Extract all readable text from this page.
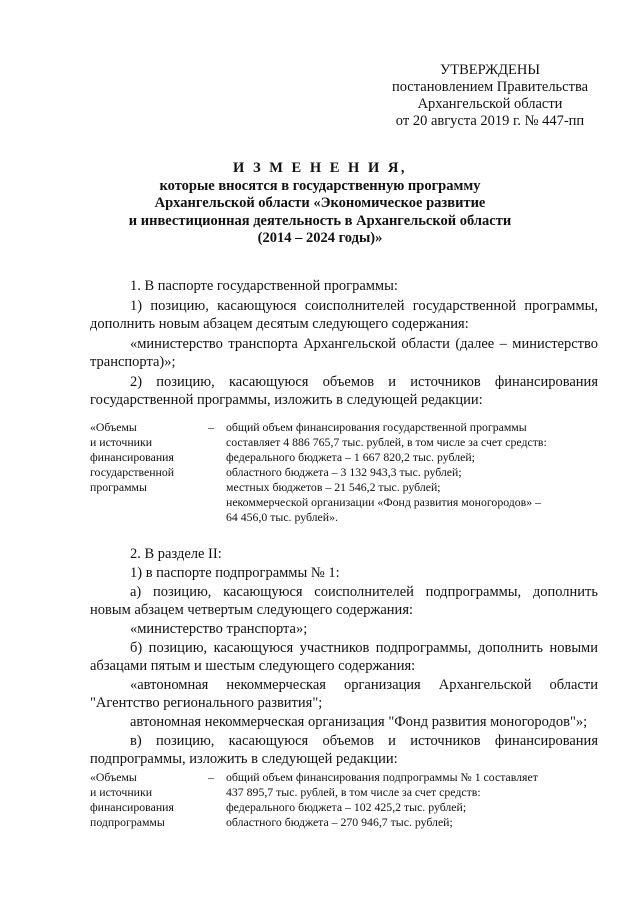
УТВЕРЖДЕНЫ
постановлением Правительства
Архангельской области
от 20 августа 2019 г. № 447-пп
И З М Е Н Е Н И Я,
которые вносятся в государственную программу
Архангельской области «Экономическое развитие
и инвестиционная деятельность в Архангельской области
(2014 – 2024 годы)»

1. В паспорте государственной программы:

1) позицию, касающуюся соисполнителей государственной программы,

дополнить новым абзацем десятым следующего содержания:

«министерство транспорта Архангельской области (далее – министерство

транспорта)»;

2) позицию, касающуюся объемов и источников финансирования

государственной программы, изложить в следующей редакции:

«Объемы
и источники
финансирования
государственной
программы
–	общий объем финансирования государственной программы
составляет 4 886 765,7 тыс. рублей, в том числе за счет средств:
федерального бюджета – 1 667 820,2 тыс. рублей;
областного бюджета – 3 132 943,3 тыс. рублей;
местных бюджетов – 21 546,2 тыс. рублей;
некоммерческой организации «Фонд развития моногородов» –
64 456,0 тыс. рублей».

2. В разделе II:

1) в паспорте подпрограммы № 1:

а) позицию, касающуюся соисполнителей подпрограммы, дополнить

новым абзацем четвертым следующего содержания:

«министерство транспорта»;

б) позицию, касающуюся участников подпрограммы, дополнить новыми

абзацами пятым и шестым следующего содержания:

«автономная некоммерческая организация Архангельской области

"Агентство регионального развития";

автономная некоммерческая организация "Фонд развития моногородов"»;

в) позицию, касающуюся объемов и источников финансирования

подпрограммы, изложить в следующей редакции:

«Объемы
и источники
финансирования
подпрограммы
–	общий объем финансирования подпрограммы № 1 составляет
437 895,7 тыс. рублей, в том числе за счет средств:
федерального бюджета – 102 425,2 тыс. рублей;
областного бюджета – 270 946,7 тыс. рублей;
